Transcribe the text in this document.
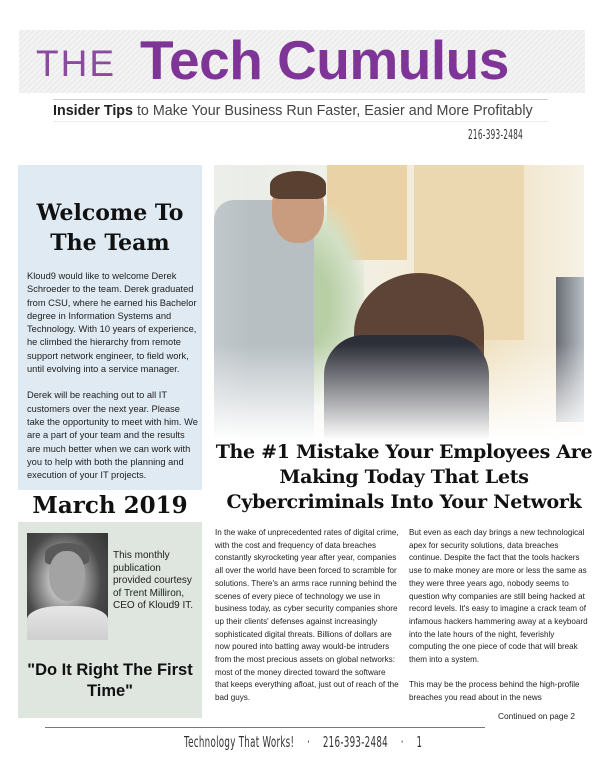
THE Tech Cumulus
Insider Tips to Make Your Business Run Faster, Easier and More Profitably
216-393-2484
Welcome To The Team

Kloud9 would like to welcome Derek Schroeder to the team. Derek graduated from CSU, where he earned his Bachelor degree in Information Systems and Technology. With 10 years of experience, he climbed the hierarchy from remote support network engineer, to field work, until evolving into a service manager.

Derek will be reaching out to all IT customers over the next year. Please take the opportunity to meet with him. We are a part of your team and the results are much better when we can work with you to help with both the planning and execution of your IT projects.

March 2019
This monthly publication provided courtesy of Trent Milliron, CEO of Kloud9 IT.
"Do It Right The First Time"
The #1 Mistake Your Employees Are Making Today That Lets Cybercriminals Into Your Network

In the wake of unprecedented rates of digital crime, with the cost and frequency of data breaches constantly skyrocketing year after year, companies all over the world have been forced to scramble for solutions. There's an arms race running behind the scenes of every piece of technology we use in business today, as cyber security companies shore up their clients' defenses against increasingly sophisticated digital threats. Billions of dollars are now poured into batting away would-be intruders from the most precious assets on global networks: most of the money directed toward the software that keeps everything afloat, just out of reach of the bad guys.

But even as each day brings a new technological apex for security solutions, data breaches continue. Despite the fact that the tools hackers use to make money are more or less the same as they were three years ago, nobody seems to question why companies are still being hacked at record levels. It's easy to imagine a crack team of infamous hackers hammering away at a keyboard into the late hours of the night, feverishly computing the one piece of code that will break them into a system.

This may be the process behind the high-profile breaches you read about in the news

Continued on page 2
Technology That Works! · 216-393-2484 · 1
